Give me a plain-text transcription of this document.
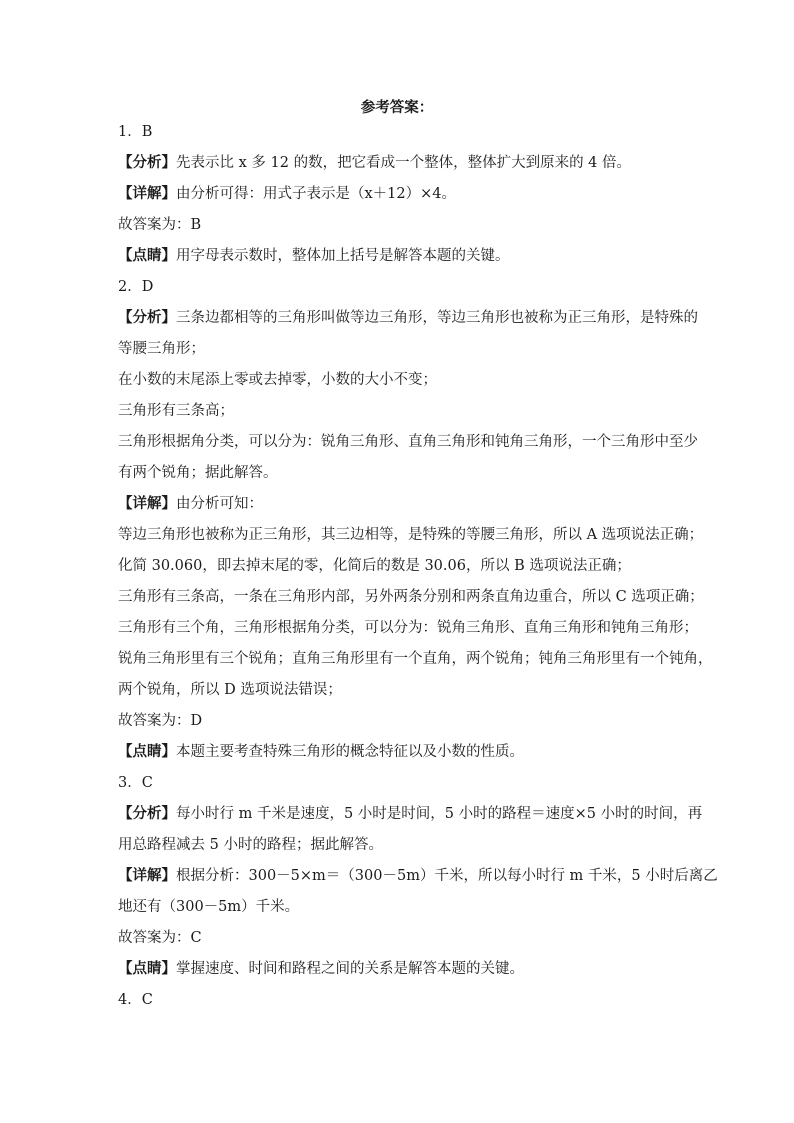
参考答案：
1．B
【分析】先表示比 x 多 12 的数，把它看成一个整体，整体扩大到原来的 4 倍。
【详解】由分析可得：用式子表示是（x＋12）×4。
故答案为：B
【点睛】用字母表示数时，整体加上括号是解答本题的关键。
2．D
【分析】三条边都相等的三角形叫做等边三角形，等边三角形也被称为正三角形，是特殊的
等腰三角形；
在小数的末尾添上零或去掉零，小数的大小不变；
三角形有三条高；
三角形根据角分类，可以分为：锐角三角形、直角三角形和钝角三角形，一个三角形中至少
有两个锐角；据此解答。
【详解】由分析可知：
等边三角形也被称为正三角形，其三边相等，是特殊的等腰三角形，所以 A 选项说法正确；
化简 30.060，即去掉末尾的零，化简后的数是 30.06，所以 B 选项说法正确；
三角形有三条高，一条在三角形内部，另外两条分别和两条直角边重合，所以 C 选项正确；
三角形有三个角，三角形根据角分类，可以分为：锐角三角形、直角三角形和钝角三角形；
锐角三角形里有三个锐角；直角三角形里有一个直角，两个锐角；钝角三角形里有一个钝角，
两个锐角，所以 D 选项说法错误；
故答案为：D
【点睛】本题主要考查特殊三角形的概念特征以及小数的性质。
3．C
【分析】每小时行 m 千米是速度，5 小时是时间，5 小时的路程＝速度×5 小时的时间，再
用总路程减去 5 小时的路程；据此解答。
【详解】根据分析：300－5×m＝（300－5m）千米，所以每小时行 m 千米，5 小时后离乙
地还有（300－5m）千米。
故答案为：C
【点睛】掌握速度、时间和路程之间的关系是解答本题的关键。
4．C
